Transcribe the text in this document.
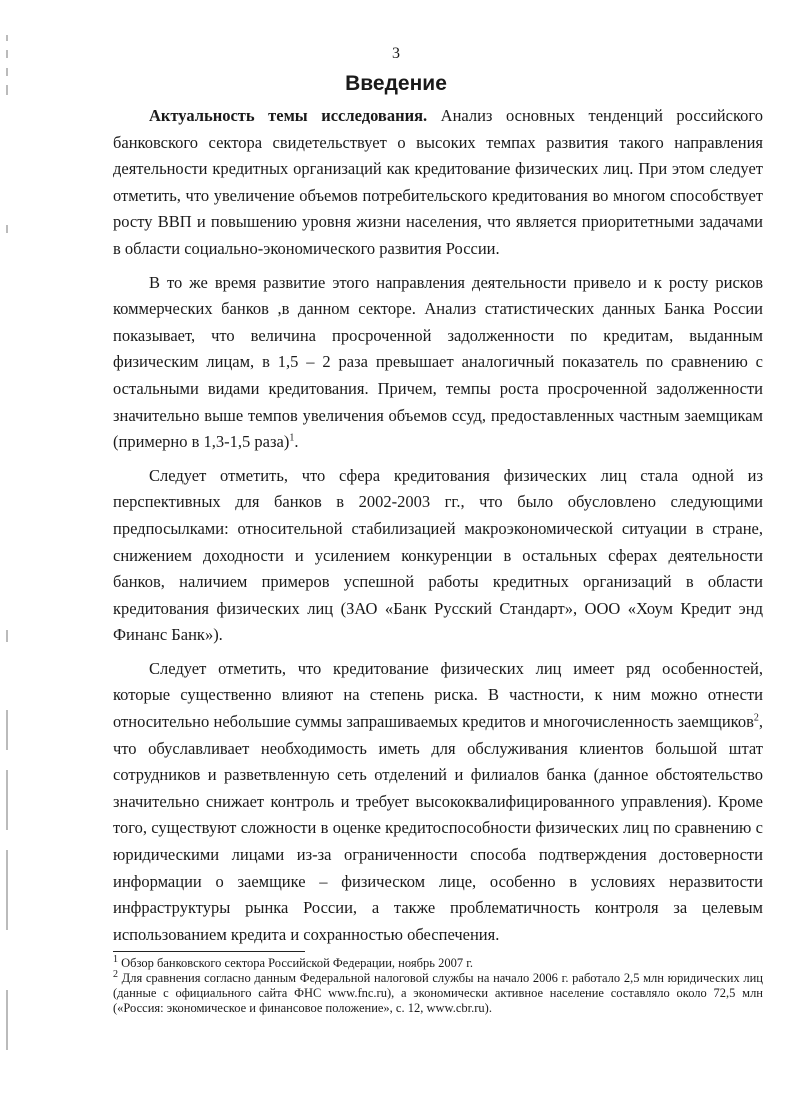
3
Введение

Актуальность темы исследования. Анализ основных тенденций российского банковского сектора свидетельствует о высоких темпах развития такого направления деятельности кредитных организаций как кредитование физических лиц. При этом следует отметить, что увеличение объемов потребительского кредитования во многом способствует росту ВВП и повышению уровня жизни населения, что является приоритетными задачами в области социально-экономического развития России.

В то же время развитие этого направления деятельности привело и к росту рисков коммерческих банков ,в данном секторе. Анализ статистических данных Банка России показывает, что величина просроченной задолженности по кредитам, выданным физическим лицам, в 1,5 – 2 раза превышает аналогичный показатель по сравнению с остальными видами кредитования. Причем, темпы роста просроченной задолженности значительно выше темпов увеличения объемов ссуд, предоставленных частным заемщикам (примерно в 1,3-1,5 раза)$^1$.

Следует отметить, что сфера кредитования физических лиц стала одной из перспективных для банков в 2002-2003 гг., что было обусловлено следующими предпосылками: относительной стабилизацией макроэкономической ситуации в стране, снижением доходности и усилением конкуренции в остальных сферах деятельности банков, наличием примеров успешной работы кредитных организаций в области кредитования физических лиц (ЗАО «Банк Русский Стандарт», ООО «Хоум Кредит энд Финанс Банк»).

Следует отметить, что кредитование физических лиц имеет ряд особенностей, которые существенно влияют на степень риска. В частности, к ним можно отнести относительно небольшие суммы запрашиваемых кредитов и многочисленность заемщиков$^2$, что обуславливает необходимость иметь для обслуживания клиентов большой штат сотрудников и разветвленную сеть отделений и филиалов банка (данное обстоятельство значительно снижает контроль и требует высококвалифицированного управления). Кроме того, существуют сложности в оценке кредитоспособности физических лиц по сравнению с юридическими лицами из-за ограниченности способа подтверждения достоверности информации о заемщике – физическом лице, особенно в условиях неразвитости инфраструктуры рынка России, а также проблематичность контроля за целевым использованием кредита и сохранностью обеспечения.

$^1$ Обзор банковского сектора Российской Федерации, ноябрь 2007 г.

$^2$ Для сравнения согласно данным Федеральной налоговой службы на начало 2006 г. работало 2,5 млн юридических лиц (данные с официального сайта ФНС www.fnc.ru), а экономически активное население составляло около 72,5 млн («Россия: экономическое и финансовое положение», с. 12, www.cbr.ru).
